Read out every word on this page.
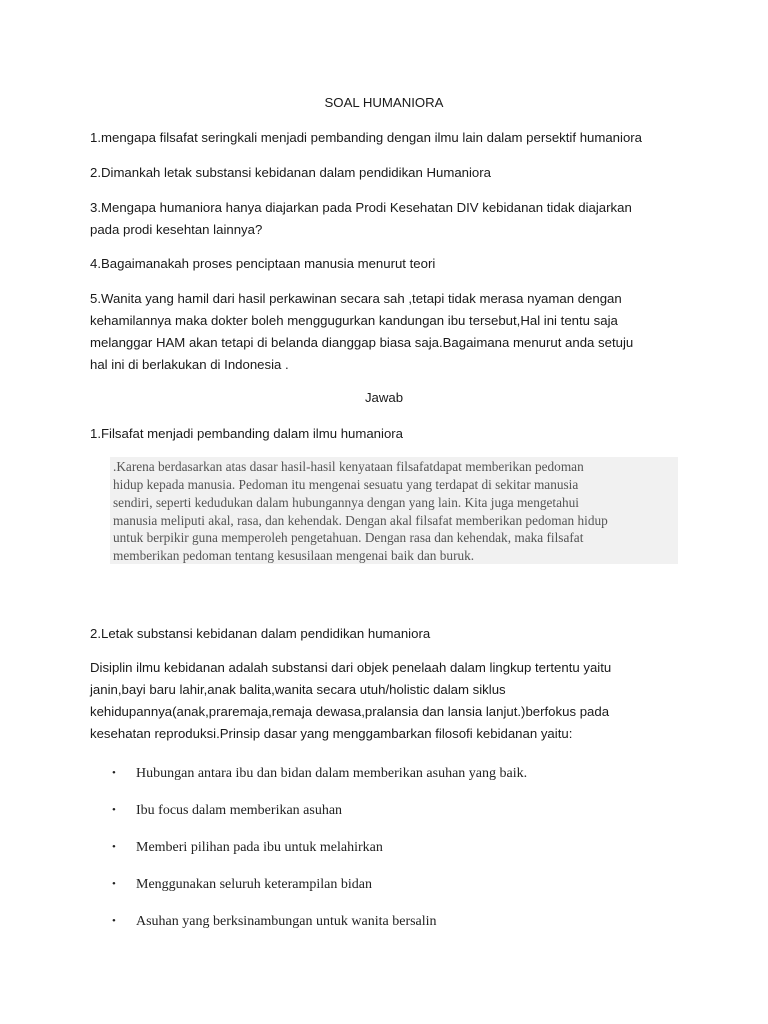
SOAL HUMANIORA

1.mengapa filsafat seringkali menjadi pembanding dengan ilmu lain dalam persektif humaniora

2.Dimankah letak substansi kebidanan dalam pendidikan Humaniora

3.Mengapa humaniora hanya diajarkan pada Prodi Kesehatan DIV kebidanan tidak diajarkan

pada prodi kesehtan lainnya?

4.Bagaimanakah proses penciptaan manusia menurut teori

5.Wanita yang hamil dari hasil perkawinan secara sah ,tetapi tidak merasa nyaman dengan

kehamilannya maka dokter boleh menggugurkan kandungan ibu tersebut,Hal ini tentu saja

melanggar HAM akan tetapi di belanda dianggap biasa saja.Bagaimana menurut anda setuju

hal ini di berlakukan di Indonesia .

Jawab

1.Filsafat menjadi pembanding dalam ilmu humaniora

.Karena berdasarkan atas dasar hasil-hasil kenyataan filsafatdapat memberikan pedoman

hidup kepada manusia. Pedoman itu mengenai sesuatu yang terdapat di sekitar manusia

sendiri, seperti kedudukan dalam hubungannya dengan yang lain. Kita juga mengetahui

manusia meliputi akal, rasa, dan kehendak. Dengan akal filsafat memberikan pedoman hidup

untuk berpikir guna memperoleh pengetahuan. Dengan rasa dan kehendak, maka filsafat

memberikan pedoman tentang kesusilaan mengenai baik dan buruk.

2.Letak substansi kebidanan dalam pendidikan humaniora

Disiplin ilmu kebidanan adalah substansi dari objek penelaah dalam lingkup tertentu yaitu

janin,bayi baru lahir,anak balita,wanita secara utuh/holistic dalam siklus

kehidupannya(anak,praremaja,remaja dewasa,pralansia dan lansia lanjut.)berfokus pada

kesehatan reproduksi.Prinsip dasar yang menggambarkan filosofi kebidanan yaitu:

• Hubungan antara ibu dan bidan dalam memberikan asuhan yang baik.

• Ibu focus dalam memberikan asuhan

• Memberi pilihan pada ibu untuk melahirkan

• Menggunakan seluruh keterampilan bidan

• Asuhan yang berksinambungan untuk wanita bersalin
